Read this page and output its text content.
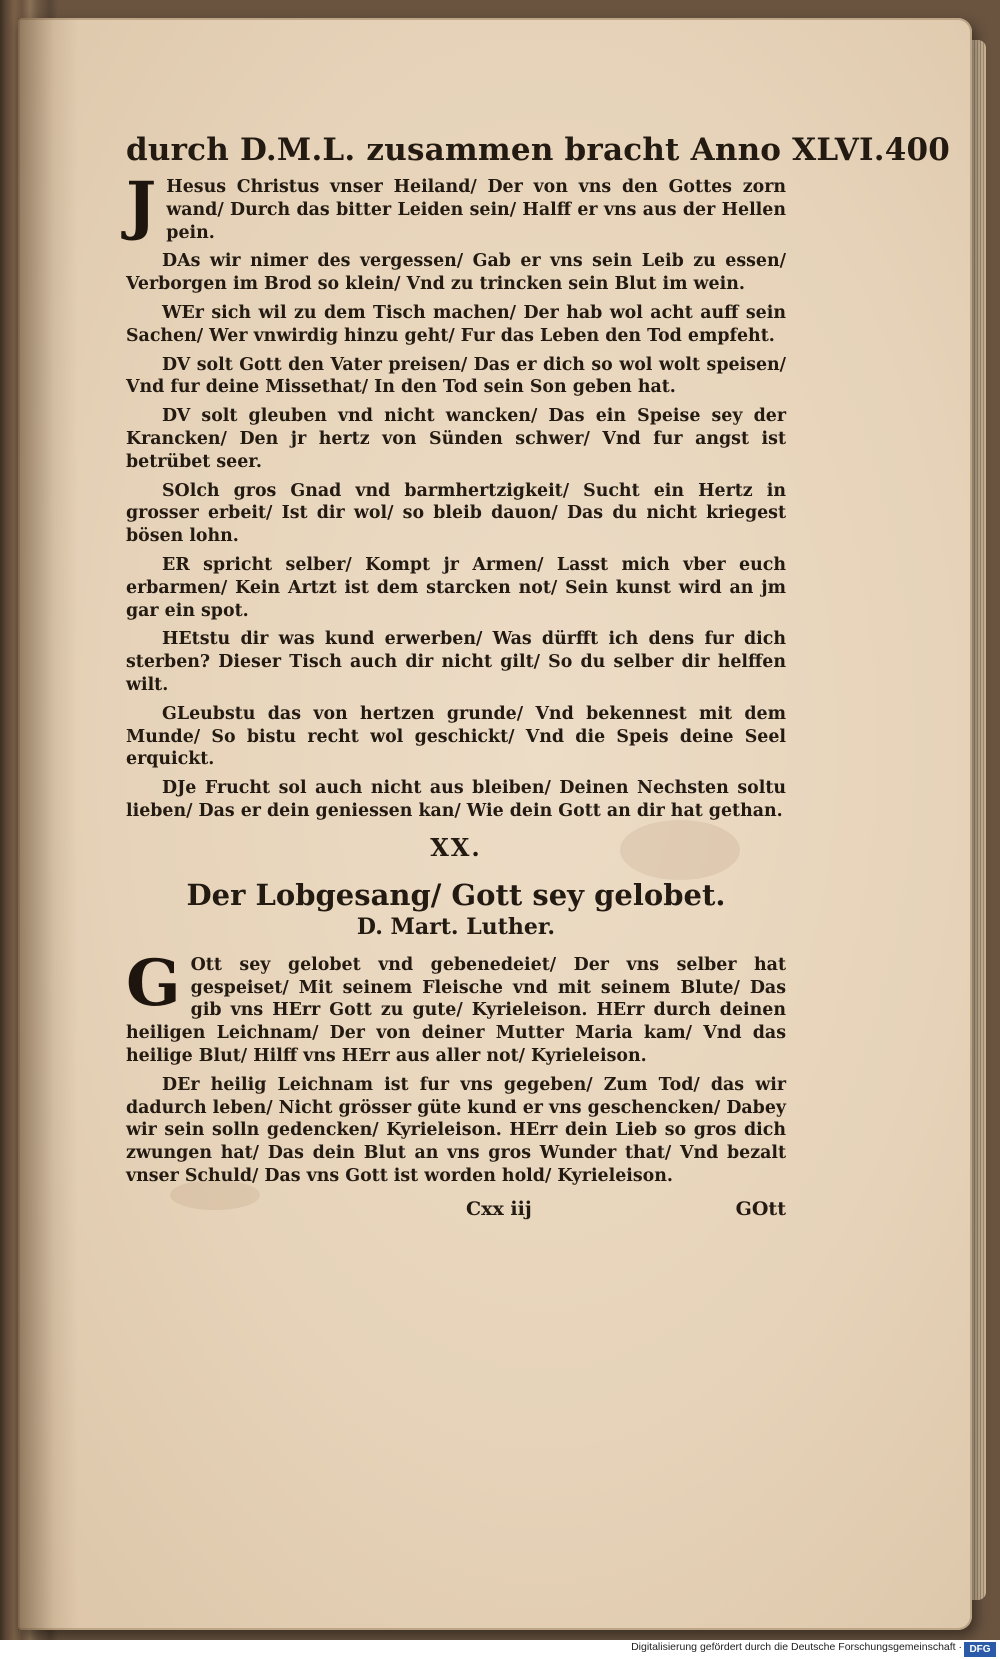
durch D.M.L. zusammen bracht Anno XLVI. 400

J Hesus Christus vnser Heiland/ Der von vns den Gottes zorn wand/ Durch das bitter Leiden sein/ Halff er vns aus der Hellen pein.

DAs wir nimer des vergessen/ Gab er vns sein Leib zu essen/ Verborgen im Brod so klein/ Vnd zu trincken sein Blut im wein.

WEr sich wil zu dem Tisch machen/ Der hab wol acht auff sein Sachen/ Wer vnwirdig hinzu geht/ Fur das Leben den Tod empfeht.

DV solt Gott den Vater preisen/ Das er dich so wol wolt speisen/ Vnd fur deine Missethat/ In den Tod sein Son geben hat.

DV solt gleuben vnd nicht wancken/ Das ein Speise sey der Krancken/ Den jr hertz von Sünden schwer/ Vnd fur angst ist betrübet seer.

SOlch gros Gnad vnd barmhertzigkeit/ Sucht ein Hertz in grosser erbeit/ Ist dir wol/ so bleib dauon/ Das du nicht kriegest bösen lohn.

ER spricht selber/ Kompt jr Armen/ Lasst mich vber euch erbarmen/ Kein Artzt ist dem starcken not/ Sein kunst wird an jm gar ein spot.

HEtstu dir was kund erwerben/ Was dürfft ich dens fur dich sterben? Dieser Tisch auch dir nicht gilt/ So du selber dir helffen wilt.

GLeubstu das von hertzen grunde/ Vnd bekennest mit dem Munde/ So bistu recht wol geschickt/ Vnd die Speis deine Seel erquickt.

DJe Frucht sol auch nicht aus bleiben/ Deinen Nechsten soltu lieben/ Das er dein geniessen kan/ Wie dein Gott an dir hat gethan.

XX.
Der Lobgesang/ Gott sey gelobet.
D. Mart. Luther.

G Ott sey gelobet vnd gebenedeiet/ Der vns selber hat gespeiset/ Mit seinem Fleische vnd mit seinem Blute/ Das gib vns HErr Gott zu gute/ Kyrieleison. HErr durch deinen heiligen Leichnam/ Der von deiner Mutter Maria kam/ Vnd das heilige Blut/ Hilff vns HErr aus aller not/ Kyrieleison.

DEr heilig Leichnam ist fur vns gegeben/ Zum Tod/ das wir dadurch leben/ Nicht grösser güte kund er vns geschencken/ Dabey wir sein solln gedencken/ Kyrieleison. HErr dein Lieb so gros dich zwungen hat/ Das dein Blut an vns gros Wunder that/ Vnd bezalt vnser Schuld/ Das vns Gott ist worden hold/ Kyrieleison.

Cxx iij	GOtt
Digitalisierung gefördert durch die Deutsche Forschungsgemeinschaft · DFG
